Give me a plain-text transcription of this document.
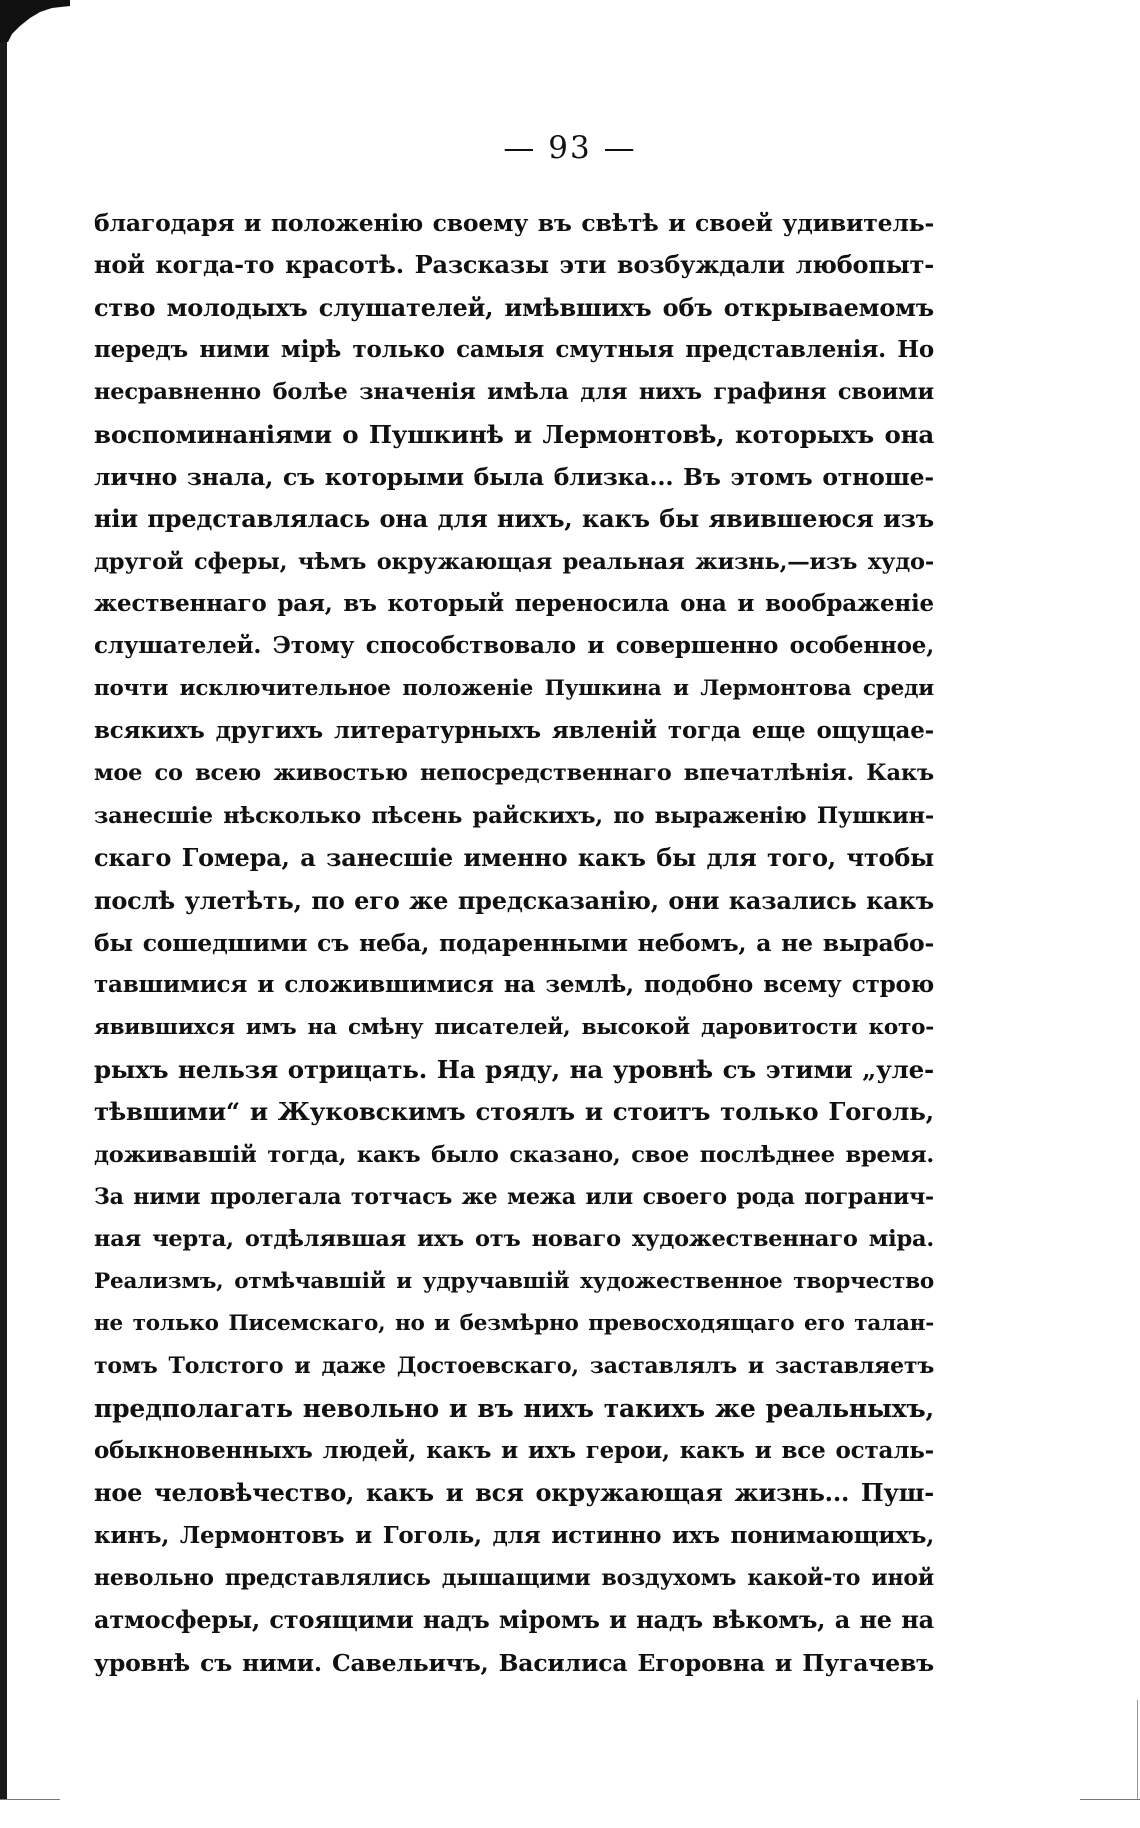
— 93 —
благодаря и положенію своему въ свѣтѣ и своей удивитель-
ной когда-то красотѣ. Разсказы эти возбуждали любопыт-
ство молодыхъ слушателей, имѣвшихъ объ открываемомъ
передъ ними мірѣ только самыя смутныя представленія. Но
несравненно болѣе значенія имѣла для нихъ графиня своими
воспоминаніями о Пушкинѣ и Лермонтовѣ, которыхъ она
лично знала, съ которыми была близка... Въ этомъ отноше-
ніи представлялась она для нихъ, какъ бы явившеюся изъ
другой сферы, чѣмъ окружающая реальная жизнь,—изъ худо-
жественнаго рая, въ который переносила она и воображеніе
слушателей. Этому способствовало и совершенно особенное,
почти исключительное положеніе Пушкина и Лермонтова среди
всякихъ другихъ литературныхъ явленій тогда еще ощущае-
мое со всею живостью непосредственнаго впечатлѣнія. Какъ
занесшіе нѣсколько пѣсень райскихъ, по выраженію Пушкин-
скаго Гомера, а занесшіе именно какъ бы для того, чтобы
послѣ улетѣть, по его же предсказанію, они казались какъ
бы сошедшими съ неба, подаренными небомъ, а не вырабо-
тавшимися и сложившимися на землѣ, подобно всему строю
явившихся имъ на смѣну писателей, высокой даровитости кото-
рыхъ нельзя отрицать. На ряду, на уровнѣ съ этими „уле-
тѣвшими“ и Жуковскимъ стоялъ и стоитъ только Гоголь,
доживавшій тогда, какъ было сказано, свое послѣднее время.
За ними пролегала тотчасъ же межа или своего рода погранич-
ная черта, отдѣлявшая ихъ отъ новаго художественнаго міра.
Реализмъ, отмѣчавшій и удручавшій художественное творчество
не только Писемскаго, но и безмѣрно превосходящаго его талан-
томъ Толстого и даже Достоевскаго, заставлялъ и заставляетъ
предполагать невольно и въ нихъ такихъ же реальныхъ,
обыкновенныхъ людей, какъ и ихъ герои, какъ и все осталь-
ное человѣчество, какъ и вся окружающая жизнь... Пуш-
кинъ, Лермонтовъ и Гоголь, для истинно ихъ понимающихъ,
невольно представлялись дышащими воздухомъ какой-то иной
атмосферы, стоящими надъ міромъ и надъ вѣкомъ, а не на
уровнѣ съ ними. Савельичъ, Василиса Егоровна и Пугачевъ
